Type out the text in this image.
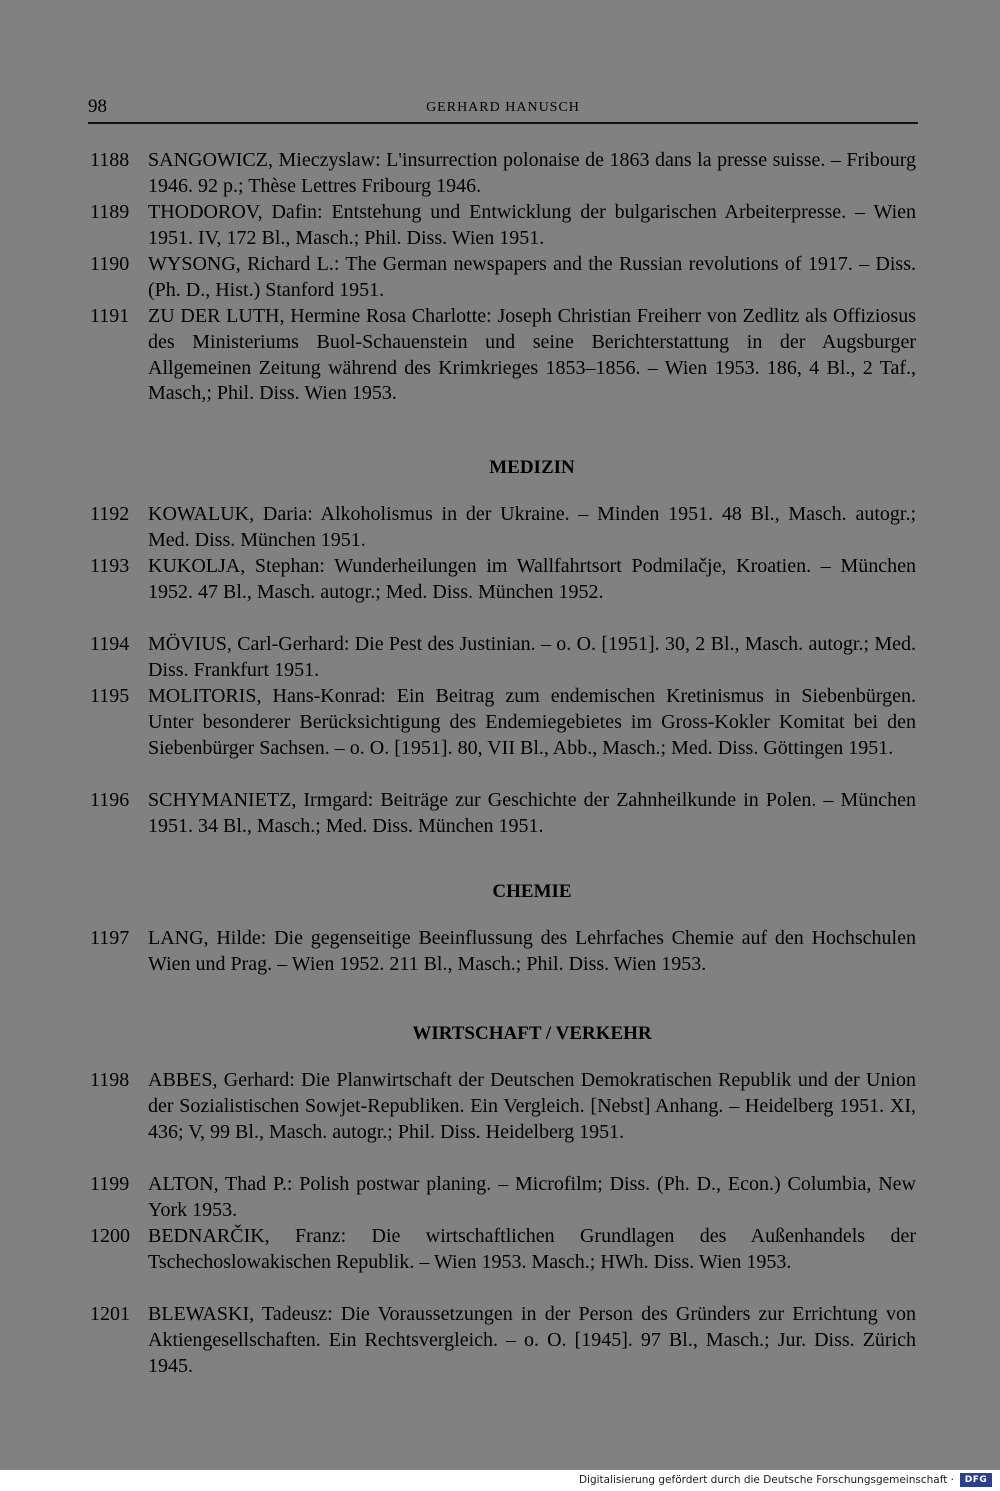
98	GERHARD HANUSCH

1188 SANGOWICZ, Mieczyslaw: L'insurrection polonaise de 1863 dans la presse suisse. – Fribourg 1946. 92 p.; Thèse Lettres Fribourg 1946.

1189 THODOROV, Dafin: Entstehung und Entwicklung der bulgarischen Arbeiterpresse. – Wien 1951. IV, 172 Bl., Masch.; Phil. Diss. Wien 1951.

1190 WYSONG, Richard L.: The German newspapers and the Russian revolutions of 1917. – Diss. (Ph. D., Hist.) Stanford 1951.

1191 ZU DER LUTH, Hermine Rosa Charlotte: Joseph Christian Freiherr von Zedlitz als Offiziosus des Ministeriums Buol-Schauenstein und seine Berichterstattung in der Augsburger Allgemeinen Zeitung während des Krimkrieges 1853–1856. – Wien 1953. 186, 4 Bl., 2 Taf., Masch,; Phil. Diss. Wien 1953.

MEDIZIN

1192 KOWALUK, Daria: Alkoholismus in der Ukraine. – Minden 1951. 48 Bl., Masch. autogr.; Med. Diss. München 1951.

1193 KUKOLJA, Stephan: Wunderheilungen im Wallfahrtsort Podmilačje, Kroatien. – München 1952. 47 Bl., Masch. autogr.; Med. Diss. München 1952.

1194 MÖVIUS, Carl-Gerhard: Die Pest des Justinian. – o. O. [1951]. 30, 2 Bl., Masch. autogr.; Med. Diss. Frankfurt 1951.

1195 MOLITORIS, Hans-Konrad: Ein Beitrag zum endemischen Kretinismus in Siebenbürgen. Unter besonderer Berücksichtigung des Endemiegebietes im Gross-Kokler Komitat bei den Siebenbürger Sachsen. – o. O. [1951]. 80, VII Bl., Abb., Masch.; Med. Diss. Göttingen 1951.

1196 SCHYMANIETZ, Irmgard: Beiträge zur Geschichte der Zahnheilkunde in Polen. – München 1951. 34 Bl., Masch.; Med. Diss. München 1951.

CHEMIE

1197 LANG, Hilde: Die gegenseitige Beeinflussung des Lehrfaches Chemie auf den Hochschulen Wien und Prag. – Wien 1952. 211 Bl., Masch.; Phil. Diss. Wien 1953.

WIRTSCHAFT / VERKEHR

1198 ABBES, Gerhard: Die Planwirtschaft der Deutschen Demokratischen Republik und der Union der Sozialistischen Sowjet-Republiken. Ein Vergleich. [Nebst] Anhang. – Heidelberg 1951. XI, 436; V, 99 Bl., Masch. autogr.; Phil. Diss. Heidelberg 1951.

1199 ALTON, Thad P.: Polish postwar planing. – Microfilm; Diss. (Ph. D., Econ.) Columbia, New York 1953.

1200 BEDNARČIK, Franz: Die wirtschaftlichen Grundlagen des Außenhandels der Tschechoslowakischen Republik. – Wien 1953. Masch.; HWh. Diss. Wien 1953.

1201 BLEWASKI, Tadeusz: Die Voraussetzungen in der Person des Gründers zur Errichtung von Aktiengesellschaften. Ein Rechtsvergleich. – o. O. [1945]. 97 Bl., Masch.; Jur. Diss. Zürich 1945.

Digitalisierung gefördert durch die Deutsche Forschungsgemeinschaft ·	DFG
